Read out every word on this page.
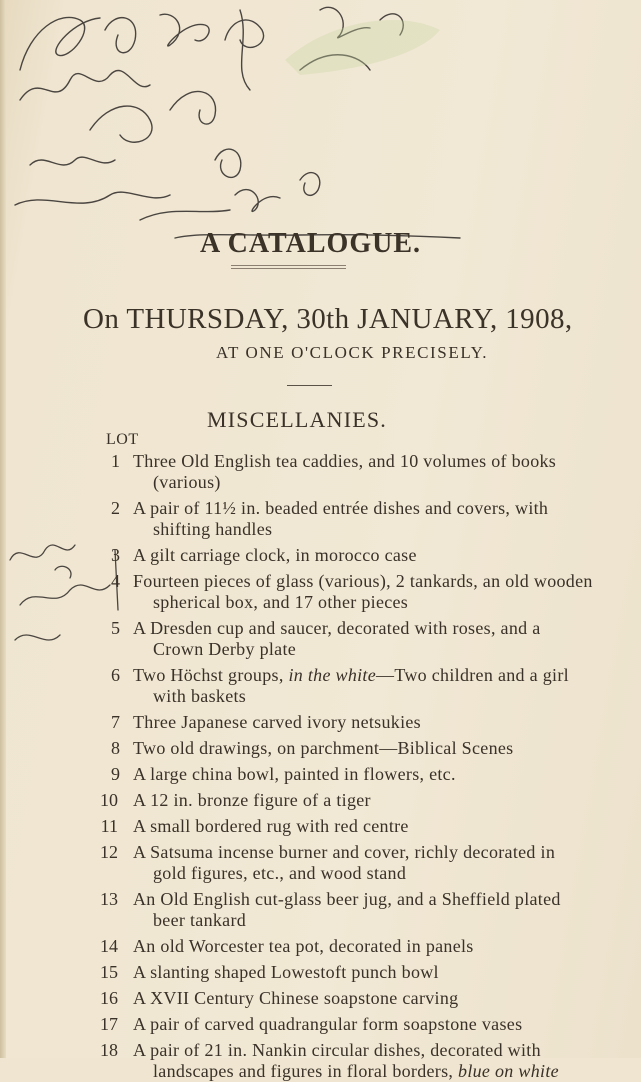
A CATALOGUE.
On THURSDAY, 30th JANUARY, 1908,
AT ONE O'CLOCK PRECISELY.
MISCELLANIES.
LOT
1 Three Old English tea caddies, and 10 volumes of books
(various)
2 A pair of 11½ in. beaded entrée dishes and covers, with
shifting handles
3 A gilt carriage clock, in morocco case
4 Fourteen pieces of glass (various), 2 tankards, an old wooden
spherical box, and 17 other pieces
5 A Dresden cup and saucer, decorated with roses, and a
Crown Derby plate
6 Two Höchst groups, in the white—Two children and a girl
with baskets
7 Three Japanese carved ivory netsukies
8 Two old drawings, on parchment—Biblical Scenes
9 A large china bowl, painted in flowers, etc.
10 A 12 in. bronze figure of a tiger
11 A small bordered rug with red centre
12 A Satsuma incense burner and cover, richly decorated in
gold figures, etc., and wood stand
13 An Old English cut-glass beer jug, and a Sheffield plated
beer tankard
14 An old Worcester tea pot, decorated in panels
15 A slanting shaped Lowestoft punch bowl
16 A XVII Century Chinese soapstone carving
17 A pair of carved quadrangular form soapstone vases
18 A pair of 21 in. Nankin circular dishes, decorated with
landscapes and figures in floral borders, blue on white
